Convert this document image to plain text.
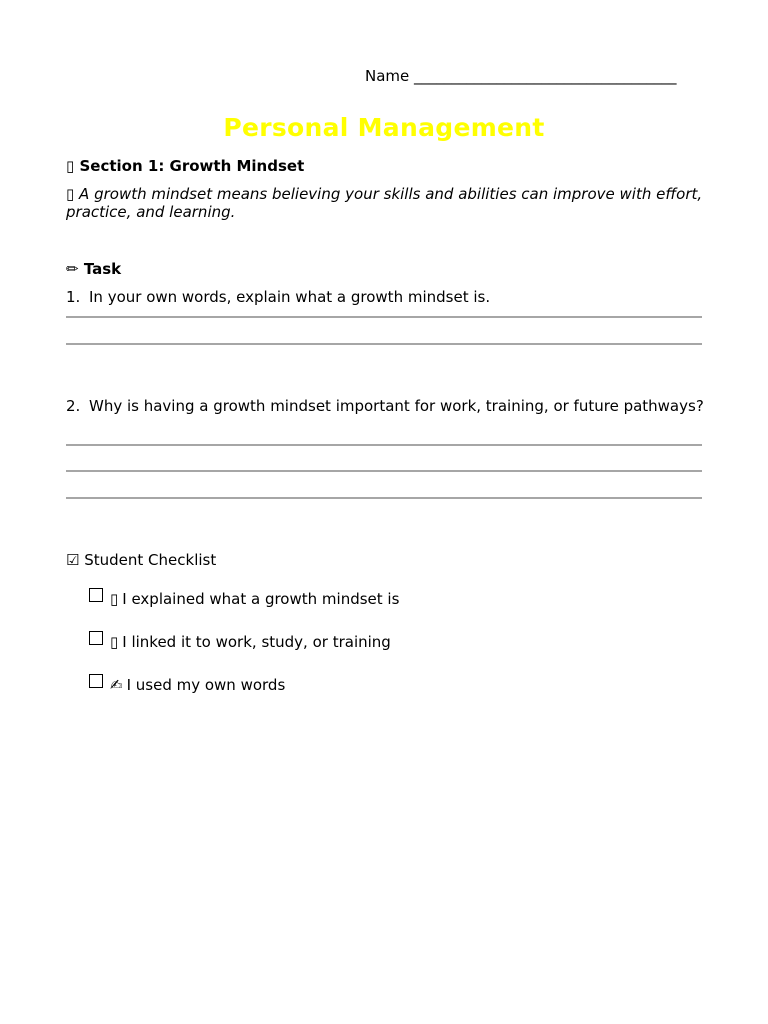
Name ___________________________________
Personal Management
▯ Section 1: Growth Mindset
▯ A growth mindset means believing your skills and abilities can improve with effort, practice, and learning.
✏ Task
1. In your own words, explain what a growth mindset is.
2. Why is having a growth mindset important for work, training, or future pathways?
☑ Student Checklist
▯ I explained what a growth mindset is
▯ I linked it to work, study, or training
✍ I used my own words
